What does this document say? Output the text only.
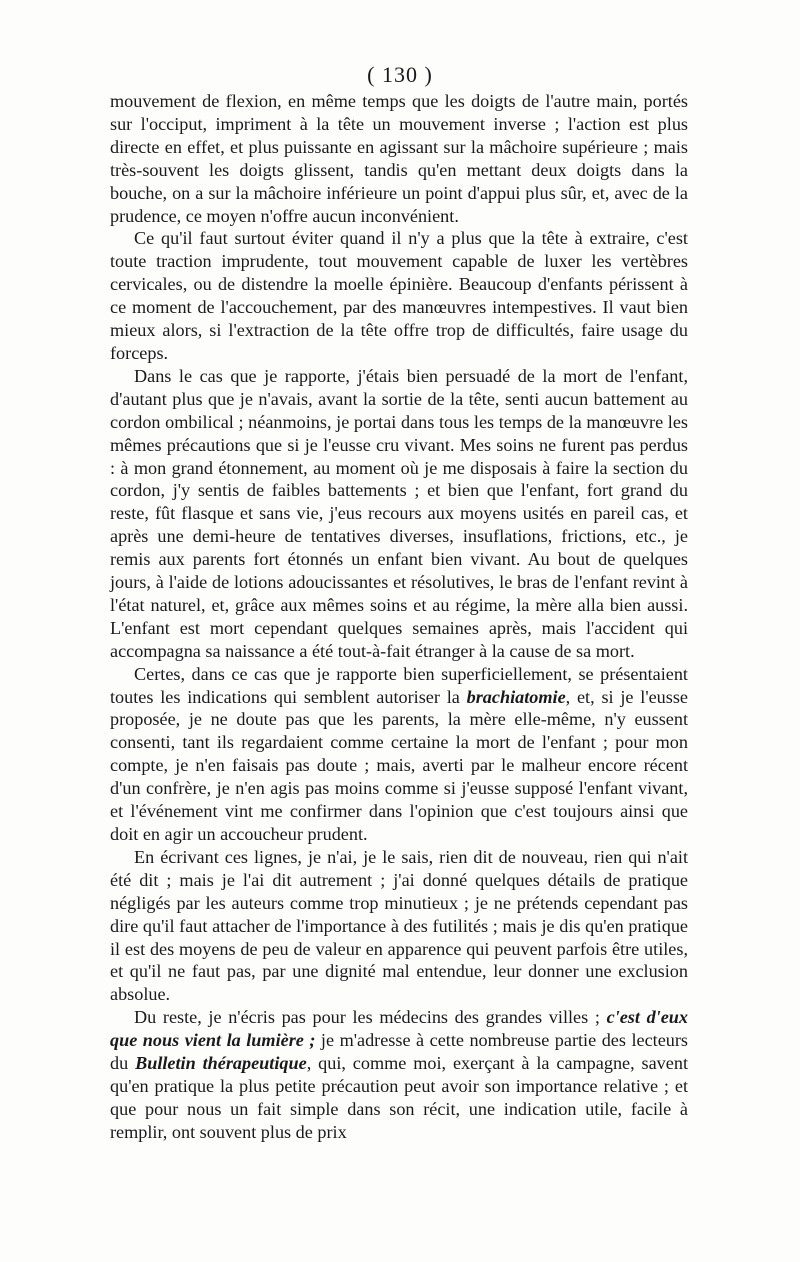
( 130 )

mouvement de flexion, en même temps que les doigts de l'autre main, portés sur l'occiput, impriment à la tête un mouvement inverse ; l'action est plus directe en effet, et plus puissante en agissant sur la mâchoire supérieure ; mais très-souvent les doigts glissent, tandis qu'en mettant deux doigts dans la bouche, on a sur la mâchoire inférieure un point d'appui plus sûr, et, avec de la prudence, ce moyen n'offre aucun inconvénient.

Ce qu'il faut surtout éviter quand il n'y a plus que la tête à extraire, c'est toute traction imprudente, tout mouvement capable de luxer les vertèbres cervicales, ou de distendre la moelle épinière. Beaucoup d'enfants périssent à ce moment de l'accouchement, par des manœuvres intempestives. Il vaut bien mieux alors, si l'extraction de la tête offre trop de difficultés, faire usage du forceps.

Dans le cas que je rapporte, j'étais bien persuadé de la mort de l'enfant, d'autant plus que je n'avais, avant la sortie de la tête, senti aucun battement au cordon ombilical ; néanmoins, je portai dans tous les temps de la manœuvre les mêmes précautions que si je l'eusse cru vivant. Mes soins ne furent pas perdus : à mon grand étonnement, au moment où je me disposais à faire la section du cordon, j'y sentis de faibles battements ; et bien que l'enfant, fort grand du reste, fût flasque et sans vie, j'eus recours aux moyens usités en pareil cas, et après une demi-heure de tentatives diverses, insuflations, frictions, etc., je remis aux parents fort étonnés un enfant bien vivant. Au bout de quelques jours, à l'aide de lotions adoucissantes et résolutives, le bras de l'enfant revint à l'état naturel, et, grâce aux mêmes soins et au régime, la mère alla bien aussi. L'enfant est mort cependant quelques semaines après, mais l'accident qui accompagna sa naissance a été tout-à-fait étranger à la cause de sa mort.

Certes, dans ce cas que je rapporte bien superficiellement, se présentaient toutes les indications qui semblent autoriser la brachiatomie, et, si je l'eusse proposée, je ne doute pas que les parents, la mère elle-même, n'y eussent consenti, tant ils regardaient comme certaine la mort de l'enfant ; pour mon compte, je n'en faisais pas doute ; mais, averti par le malheur encore récent d'un confrère, je n'en agis pas moins comme si j'eusse supposé l'enfant vivant, et l'événement vint me confirmer dans l'opinion que c'est toujours ainsi que doit en agir un accoucheur prudent.

En écrivant ces lignes, je n'ai, je le sais, rien dit de nouveau, rien qui n'ait été dit ; mais je l'ai dit autrement ; j'ai donné quelques détails de pratique négligés par les auteurs comme trop minutieux ; je ne prétends cependant pas dire qu'il faut attacher de l'importance à des futilités ; mais je dis qu'en pratique il est des moyens de peu de valeur en apparence qui peuvent parfois être utiles, et qu'il ne faut pas, par une dignité mal entendue, leur donner une exclusion absolue.

Du reste, je n'écris pas pour les médecins des grandes villes ; c'est d'eux que nous vient la lumière ; je m'adresse à cette nombreuse partie des lecteurs du Bulletin thérapeutique, qui, comme moi, exerçant à la campagne, savent qu'en pratique la plus petite précaution peut avoir son importance relative ; et que pour nous un fait simple dans son récit, une indication utile, facile à remplir, ont souvent plus de prix
